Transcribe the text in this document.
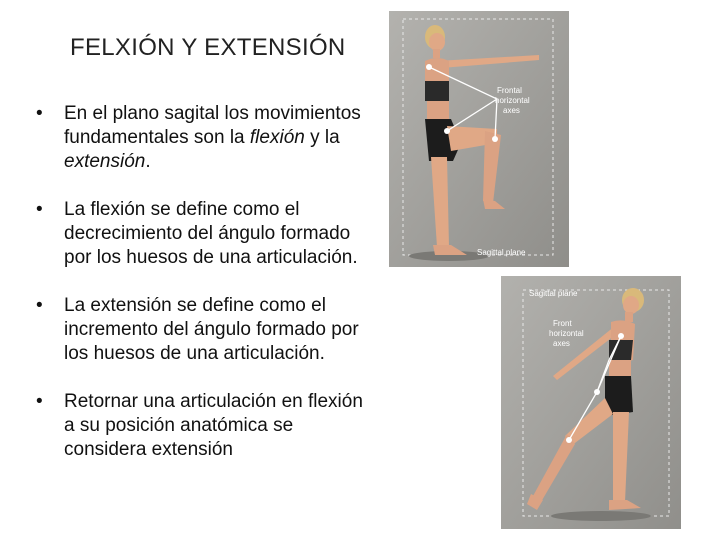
FELXIÓN Y EXTENSIÓN
• En el plano sagital los movimientos fundamentales son la flexión y la extensión.
• La flexión se define como el decrecimiento del ángulo formado por los huesos de una articulación.
• La extensión se define como el incremento del ángulo formado por los huesos de una articulación.
• Retornar una articulación en flexión a su posición anatómica se considera extensión
Frontal
horizontal
axes
Sagittal plane
Sagittal plane
Front
horizontal
axes
